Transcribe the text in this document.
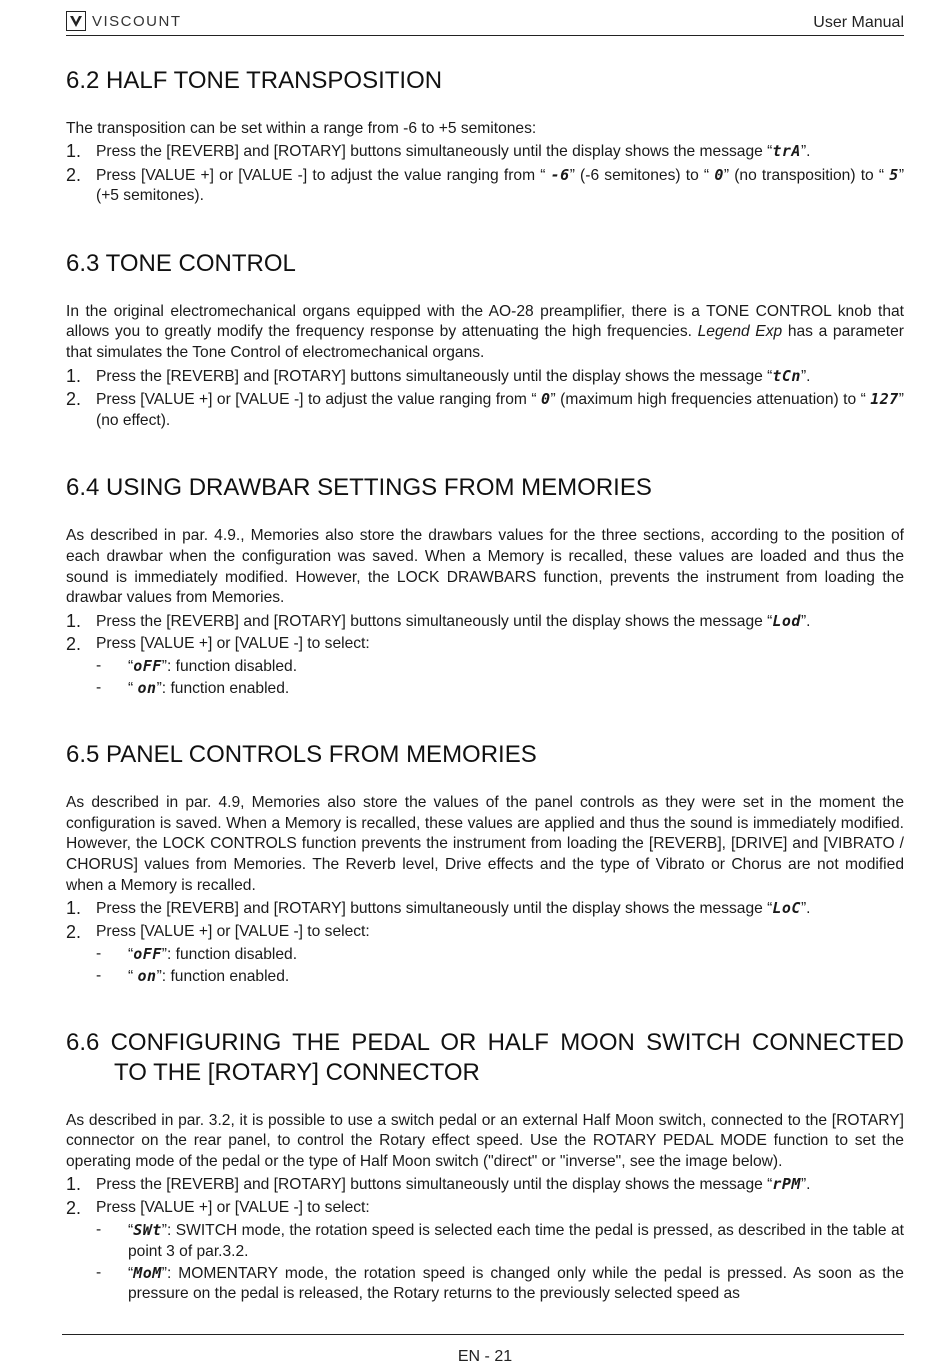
VISCOUNT	User Manual
6.2 HALF TONE TRANSPOSITION

The transposition can be set within a range from -6 to +5 semitones:

1. Press the [REVERB] and [ROTARY] buttons simultaneously until the display shows the message “trA”.
2. Press [VALUE +] or [VALUE -] to adjust the value ranging from “ -6” (-6 semitones) to “ 0” (no transposition) to “ 5” (+5 semitones).
6.3 TONE CONTROL

In the original electromechanical organs equipped with the AO-28 preamplifier, there is a TONE CONTROL knob that allows you to greatly modify the frequency response by attenuating the high frequencies. Legend Exp has a parameter that simulates the Tone Control of electromechanical organs.

1. Press the [REVERB] and [ROTARY] buttons simultaneously until the display shows the message “tCn”.
2. Press [VALUE +] or [VALUE -] to adjust the value ranging from “ 0” (maximum high frequencies attenuation) to “ 127” (no effect).
6.4 USING DRAWBAR SETTINGS FROM MEMORIES

As described in par. 4.9., Memories also store the drawbars values for the three sections, according to the position of each drawbar when the configuration was saved. When a Memory is recalled, these values are loaded and thus the sound is immediately modified. However, the LOCK DRAWBARS function, prevents the instrument from loading the drawbar values from Memories.

1. Press the [REVERB] and [ROTARY] buttons simultaneously until the display shows the message “Lod”.
2. Press [VALUE +] or [VALUE -] to select:
-	“oFF”: function disabled.
-	“ on”: function enabled.
6.5 PANEL CONTROLS FROM MEMORIES

As described in par. 4.9, Memories also store the values of the panel controls as they were set in the moment the configuration is saved. When a Memory is recalled, these values are applied and thus the sound is immediately modified. However, the LOCK CONTROLS function prevents the instrument from loading the [REVERB], [DRIVE] and [VIBRATO / CHORUS] values from Memories. The Reverb level, Drive effects and the type of Vibrato or Chorus are not modified when a Memory is recalled.

1. Press the [REVERB] and [ROTARY] buttons simultaneously until the display shows the message “LoC”.
2. Press [VALUE +] or [VALUE -] to select:
-	“oFF”: function disabled.
-	“ on”: function enabled.
6.6 CONFIGURING THE PEDAL OR HALF MOON SWITCH CONNECTED
TO THE [ROTARY] CONNECTOR

As described in par. 3.2, it is possible to use a switch pedal or an external Half Moon switch, connected to the [ROTARY] connector on the rear panel, to control the Rotary effect speed. Use the ROTARY PEDAL MODE function to set the operating mode of the pedal or the type of Half Moon switch ("direct" or "inverse", see the image below).

1. Press the [REVERB] and [ROTARY] buttons simultaneously until the display shows the message “rPM”.
2. Press [VALUE +] or [VALUE -] to select:
-	“SWt”: SWITCH mode, the rotation speed is selected each time the pedal is pressed, as described in the table at point 3 of par.3.2.
-	“MoM”: MOMENTARY mode, the rotation speed is changed only while the pedal is pressed. As soon as the pressure on the pedal is released, the Rotary returns to the previously selected speed as
EN - 21
